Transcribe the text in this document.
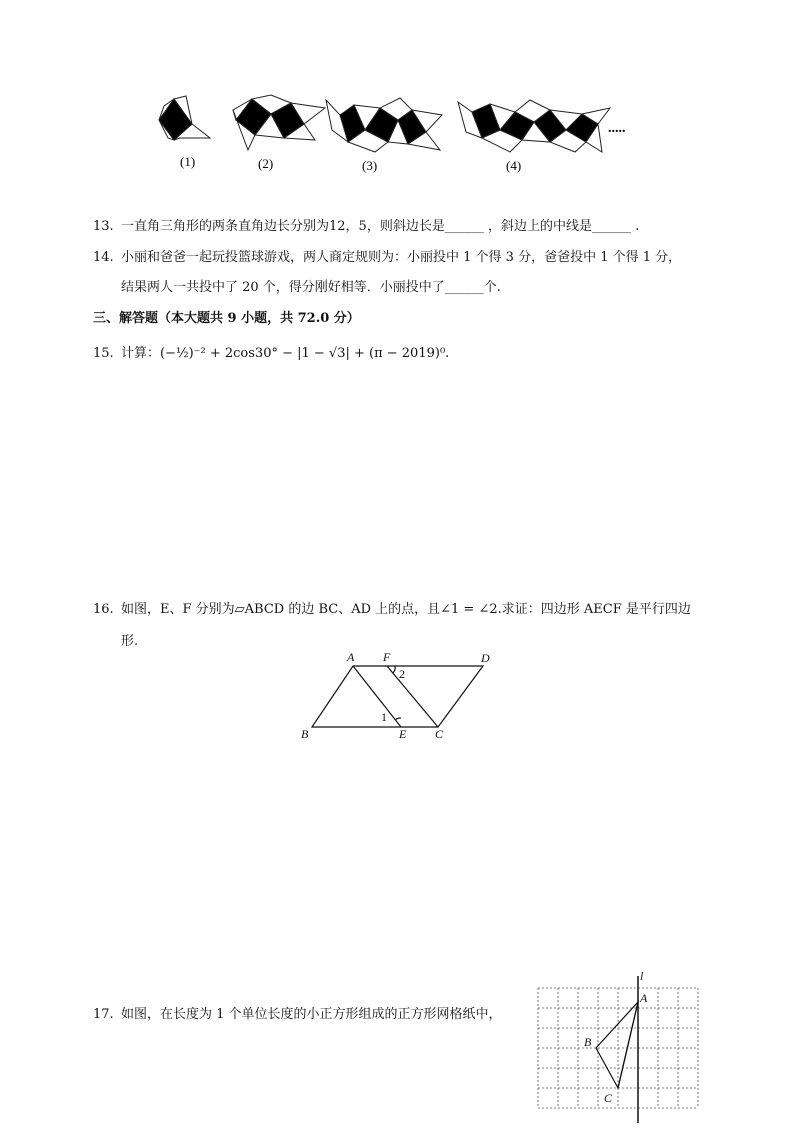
.....
(1)	(2)	(3)	(4)
13. 一直角三角形的两条直角边长分别为12，5，则斜边长是______ ，斜边上的中线是______ .
14. 小丽和爸爸一起玩投篮球游戏，两人商定规则为：小丽投中 1 个得 3 分，爸爸投中 1 个得 1 分，
结果两人一共投中了 20 个，得分刚好相等．小丽投中了______个.
三、解答题（本大题共 9 小题，共 72.0 分）
15. 计算：(−½)⁻² + 2cos30° − |1 − √3| + (π − 2019)⁰.
16. 如图，E、F 分别为▱ABCD 的边 BC、AD 上的点，且∠1 = ∠2.求证：四边形 AECF 是平行四边
形.
A F	D
B	E C
1
2
17. 如图，在长度为 1 个单位长度的小正方形组成的正方形网格纸中，
l
A
B
C
